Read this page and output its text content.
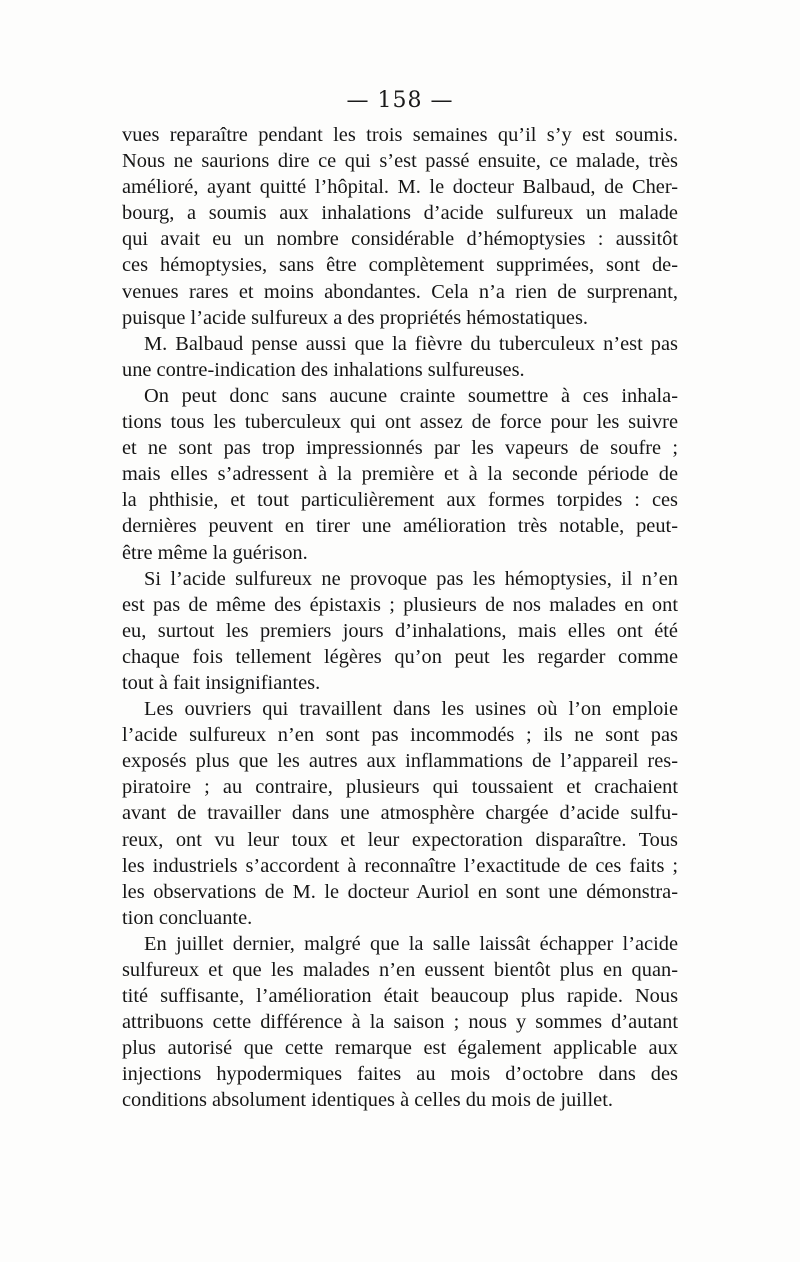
— 158 —
vues reparaître pendant les trois semaines qu’il s’y est soumis.
Nous ne saurions dire ce qui s’est passé ensuite, ce malade, très
amélioré, ayant quitté l’hôpital. M. le docteur Balbaud, de Cher-
bourg, a soumis aux inhalations d’acide sulfureux un malade
qui avait eu un nombre considérable d’hémoptysies : aussitôt
ces hémoptysies, sans être complètement supprimées, sont de-
venues rares et moins abondantes. Cela n’a rien de surprenant,
puisque l’acide sulfureux a des propriétés hémostatiques.
M. Balbaud pense aussi que la fièvre du tuberculeux n’est pas
une contre-indication des inhalations sulfureuses.
On peut donc sans aucune crainte soumettre à ces inhala-
tions tous les tuberculeux qui ont assez de force pour les suivre
et ne sont pas trop impressionnés par les vapeurs de soufre ;
mais elles s’adressent à la première et à la seconde période de
la phthisie, et tout particulièrement aux formes torpides : ces
dernières peuvent en tirer une amélioration très notable, peut-
être même la guérison.
Si l’acide sulfureux ne provoque pas les hémoptysies, il n’en
est pas de même des épistaxis ; plusieurs de nos malades en ont
eu, surtout les premiers jours d’inhalations, mais elles ont été
chaque fois tellement légères qu’on peut les regarder comme
tout à fait insignifiantes.
Les ouvriers qui travaillent dans les usines où l’on emploie
l’acide sulfureux n’en sont pas incommodés ; ils ne sont pas
exposés plus que les autres aux inflammations de l’appareil res-
piratoire ; au contraire, plusieurs qui toussaient et crachaient
avant de travailler dans une atmosphère chargée d’acide sulfu-
reux, ont vu leur toux et leur expectoration disparaître. Tous
les industriels s’accordent à reconnaître l’exactitude de ces faits ;
les observations de M. le docteur Auriol en sont une démonstra-
tion concluante.
En juillet dernier, malgré que la salle laissât échapper l’acide
sulfureux et que les malades n’en eussent bientôt plus en quan-
tité suffisante, l’amélioration était beaucoup plus rapide. Nous
attribuons cette différence à la saison ; nous y sommes d’autant
plus autorisé que cette remarque est également applicable aux
injections hypodermiques faites au mois d’octobre dans des
conditions absolument identiques à celles du mois de juillet.
